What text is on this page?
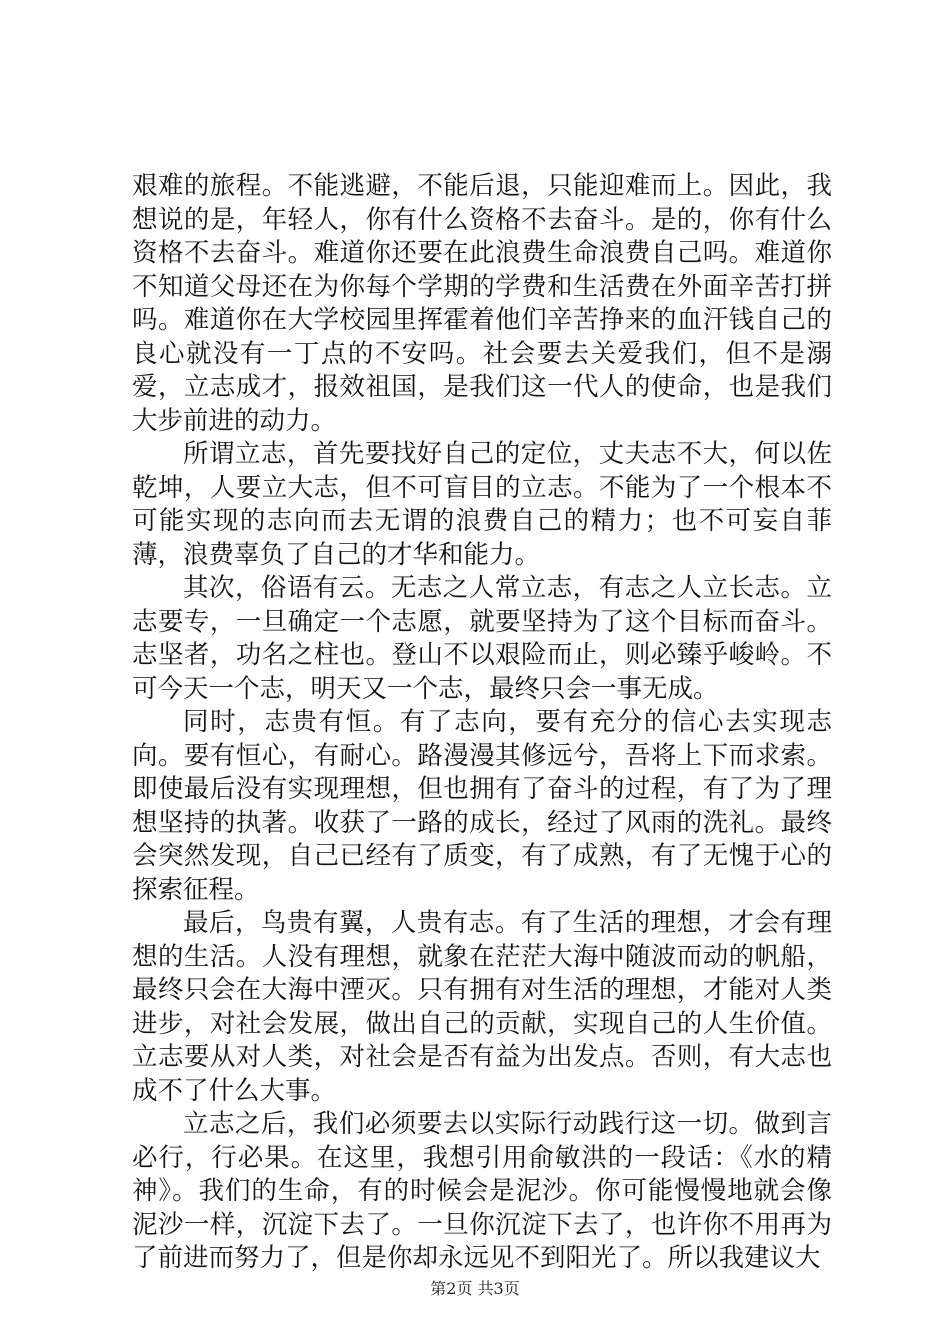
艰难的旅程。不能逃避，不能后退，只能迎难而上。因此，我想说的是，年轻人，你有什么资格不去奋斗。是的，你有什么资格不去奋斗。难道你还要在此浪费生命浪费自己吗。难道你不知道父母还在为你每个学期的学费和生活费在外面辛苦打拼吗。难道你在大学校园里挥霍着他们辛苦挣来的血汗钱自己的良心就没有一丁点的不安吗。社会要去关爱我们，但不是溺爱，立志成才，报效祖国，是我们这一代人的使命，也是我们大步前进的动力。

所谓立志，首先要找好自己的定位，丈夫志不大，何以佐乾坤，人要立大志，但不可盲目的立志。不能为了一个根本不可能实现的志向而去无谓的浪费自己的精力；也不可妄自菲薄，浪费辜负了自己的才华和能力。

其次，俗语有云。无志之人常立志，有志之人立长志。立志要专，一旦确定一个志愿，就要坚持为了这个目标而奋斗。志坚者，功名之柱也。登山不以艰险而止，则必臻乎峻岭。不可今天一个志，明天又一个志，最终只会一事无成。

同时，志贵有恒。有了志向，要有充分的信心去实现志向。要有恒心，有耐心。路漫漫其修远兮，吾将上下而求索。即使最后没有实现理想，但也拥有了奋斗的过程，有了为了理想坚持的执著。收获了一路的成长，经过了风雨的洗礼。最终会突然发现，自己已经有了质变，有了成熟，有了无愧于心的探索征程。

最后，鸟贵有翼，人贵有志。有了生活的理想，才会有理想的生活。人没有理想，就象在茫茫大海中随波而动的帆船，最终只会在大海中湮灭。只有拥有对生活的理想，才能对人类进步，对社会发展，做出自己的贡献，实现自己的人生价值。立志要从对人类，对社会是否有益为出发点。否则，有大志也成不了什么大事。

立志之后，我们必须要去以实际行动践行这一切。做到言必行，行必果。在这里，我想引用俞敏洪的一段话：《水的精神》。我们的生命，有的时候会是泥沙。你可能慢慢地就会像泥沙一样，沉淀下去了。一旦你沉淀下去了，也许你不用再为了前进而努力了，但是你却永远见不到阳光了。所以我建议大

第2页 共3页
